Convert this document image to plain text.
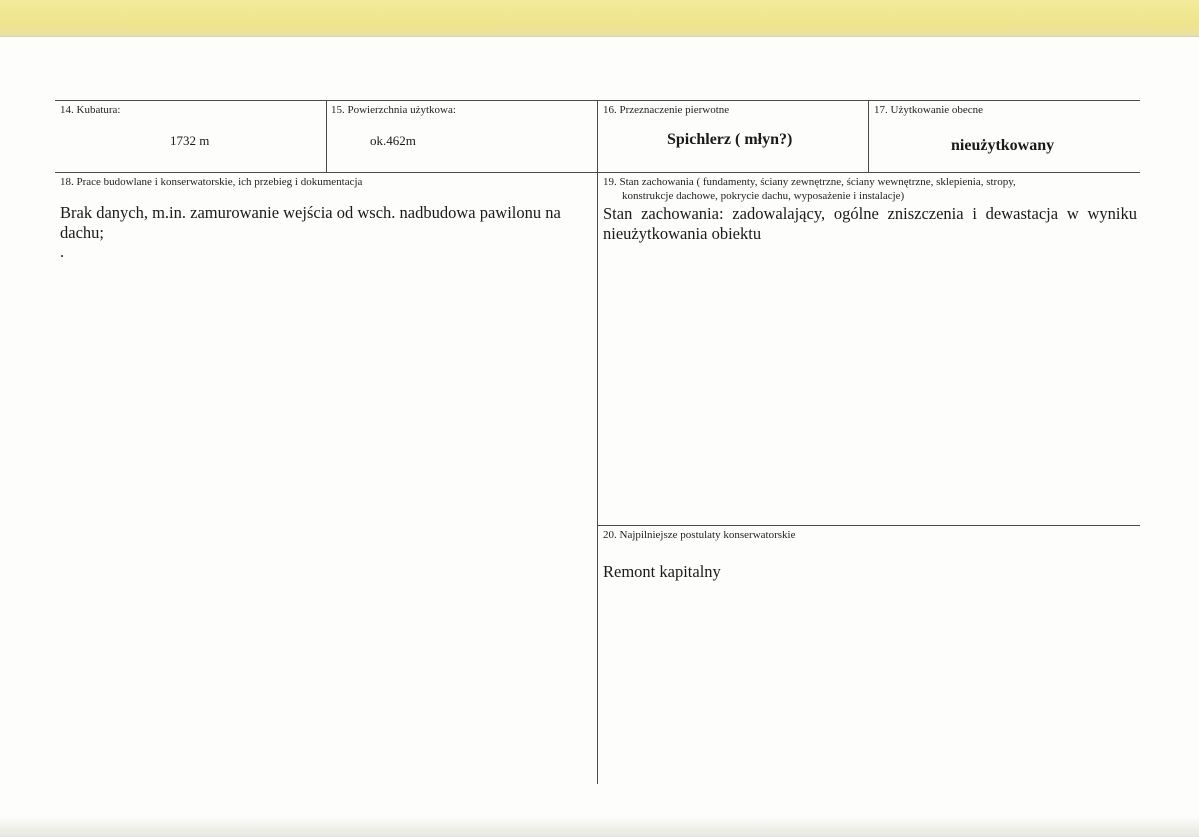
14. Kubatura:
1732 m
15. Powierzchnia użytkowa:
ok.462m
16. Przeznaczenie pierwotne
Spichlerz ( młyn?)
17. Użytkowanie obecne
nieużytkowany
18. Prace budowlane i konserwatorskie, ich przebieg i dokumentacja
Brak danych, m.in. zamurowanie wejścia od wsch. nadbudowa pawilonu na dachu;
.
19. Stan zachowania ( fundamenty, ściany zewnętrzne, ściany wewnętrzne, sklepienia, stropy,
konstrukcje dachowe, pokrycie dachu, wyposażenie i instalacje)
Stan zachowania: zadowalający, ogólne zniszczenia i dewastacja w wyniku nieużytkowania obiektu
20. Najpilniejsze postulaty konserwatorskie
Remont kapitalny
